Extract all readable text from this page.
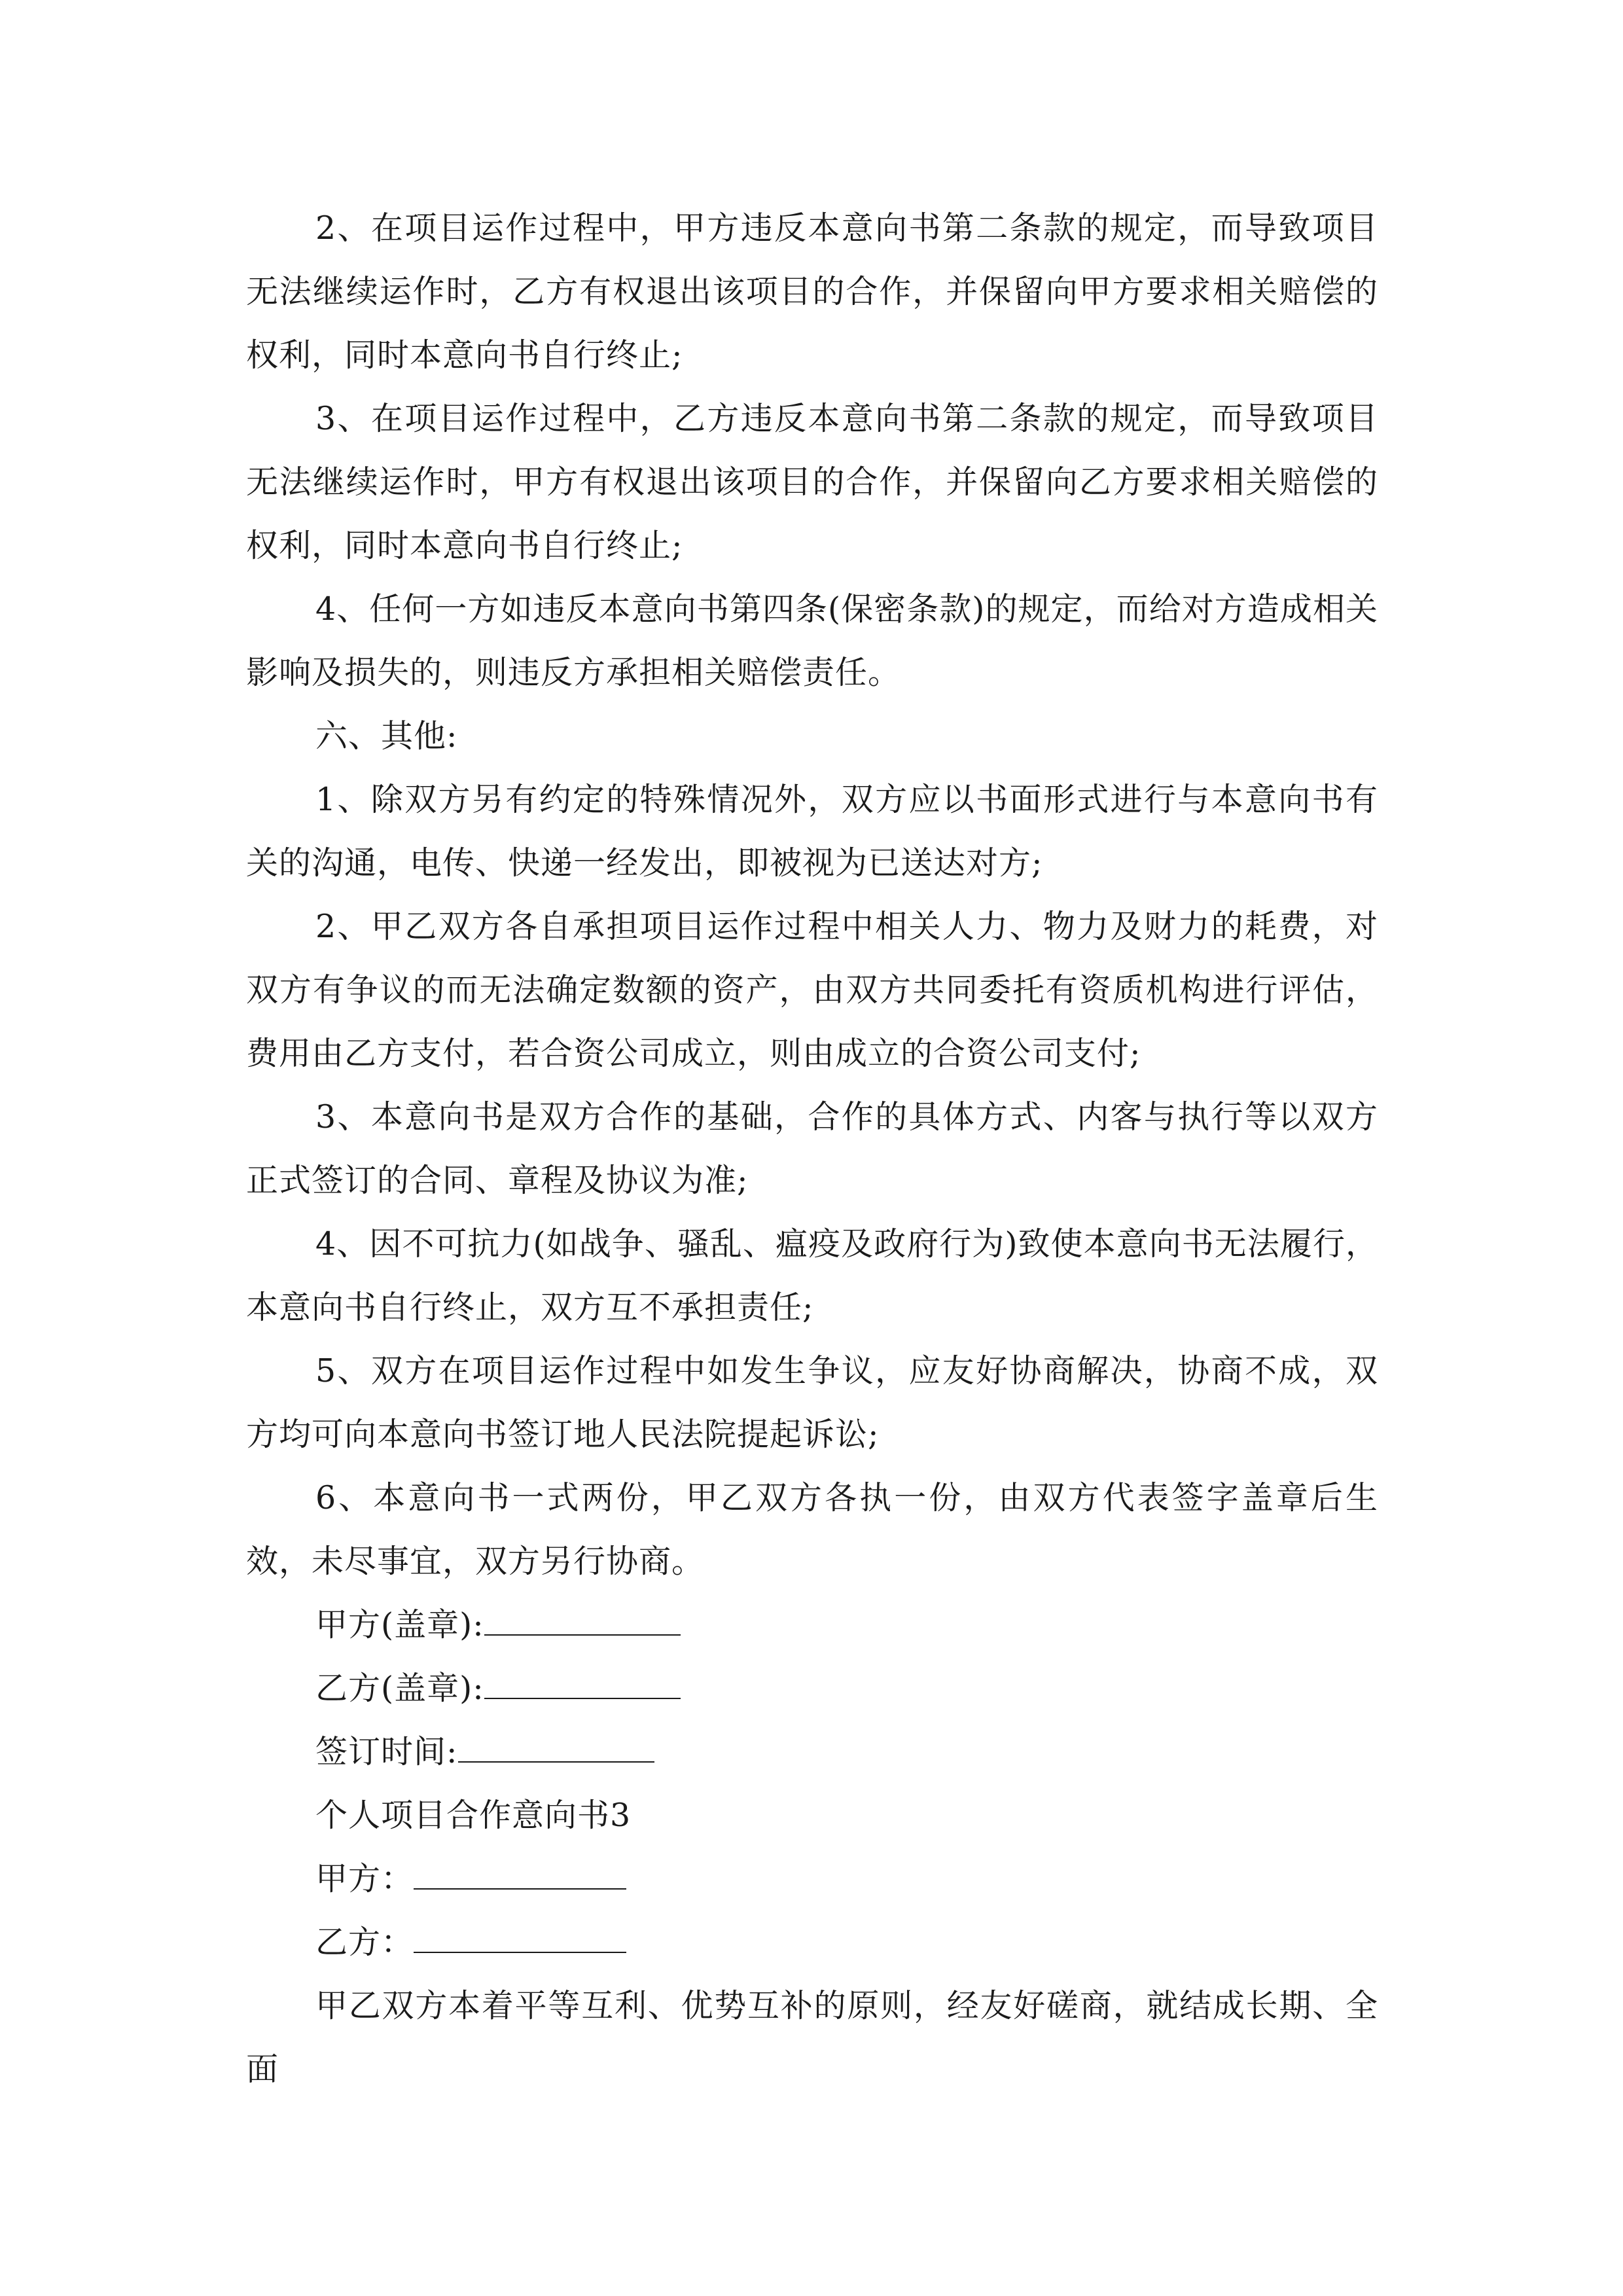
2、在项目运作过程中，甲方违反本意向书第二条款的规定，而导致项目无法继续运作时，乙方有权退出该项目的合作，并保留向甲方要求相关赔偿的权利，同时本意向书自行终止;

3、在项目运作过程中，乙方违反本意向书第二条款的规定，而导致项目无法继续运作时，甲方有权退出该项目的合作，并保留向乙方要求相关赔偿的权利，同时本意向书自行终止;

4、任何一方如违反本意向书第四条(保密条款)的规定，而给对方造成相关影响及损失的，则违反方承担相关赔偿责任。

六、其他:

1、除双方另有约定的特殊情况外，双方应以书面形式进行与本意向书有关的沟通，电传、快递一经发出，即被视为已送达对方;

2、甲乙双方各自承担项目运作过程中相关人力、物力及财力的耗费，对双方有争议的而无法确定数额的资产，由双方共同委托有资质机构进行评估，费用由乙方支付，若合资公司成立，则由成立的合资公司支付;

3、本意向书是双方合作的基础，合作的具体方式、内客与执行等以双方正式签订的合同、章程及协议为准;

4、因不可抗力(如战争、骚乱、瘟疫及政府行为)致使本意向书无法履行，本意向书自行终止，双方互不承担责任;

5、双方在项目运作过程中如发生争议，应友好协商解决，协商不成，双方均可向本意向书签订地人民法院提起诉讼;

6、本意向书一式两份，甲乙双方各执一份，由双方代表签字盖章后生效，未尽事宜，双方另行协商。

甲方(盖章):

乙方(盖章):

签订时间:

个人项目合作意向书3

甲方：

乙方：

甲乙双方本着平等互利、优势互补的原则，经友好磋商，就结成长期、全面
